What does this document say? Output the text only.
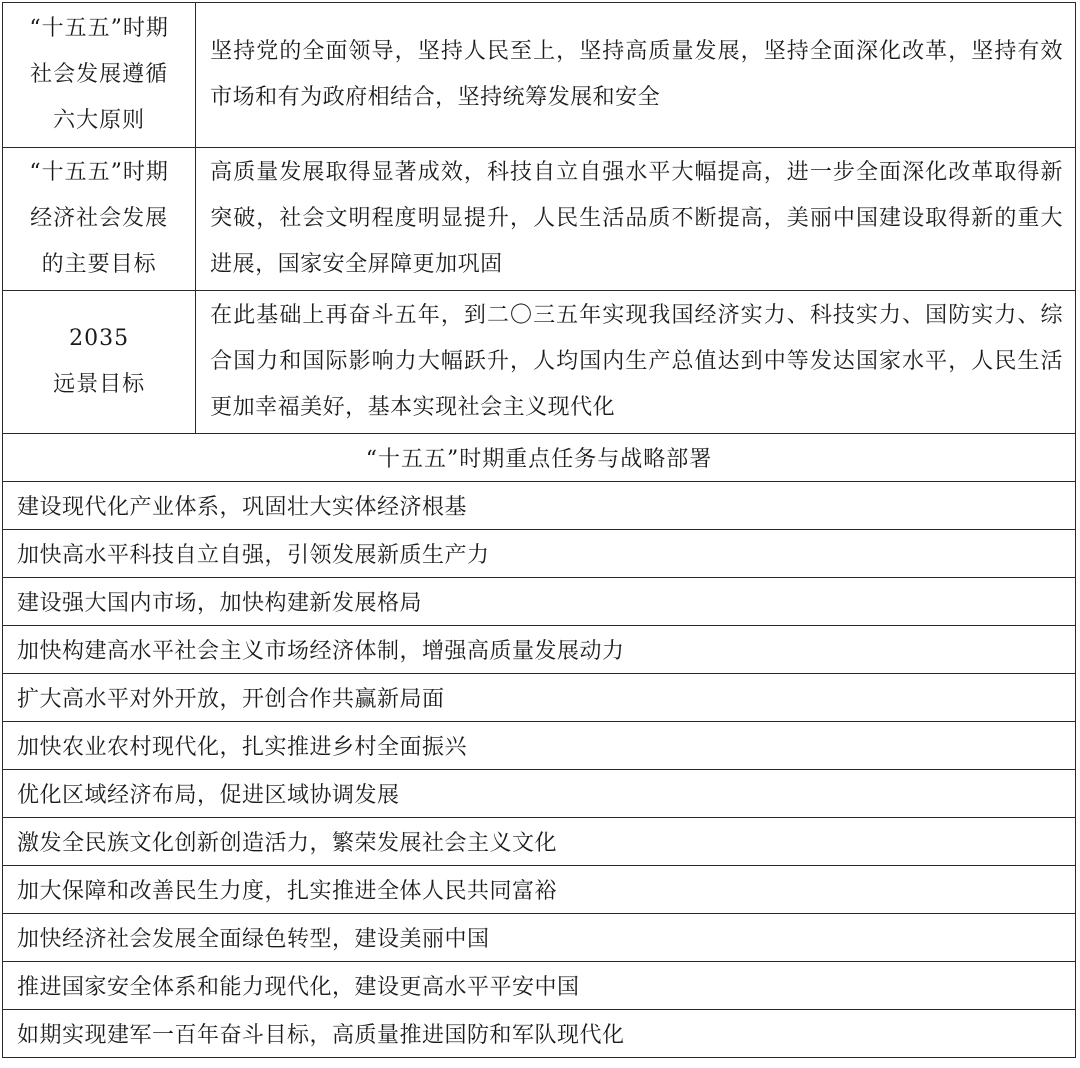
“十五五”时期
社会发展遵循
六大原则	坚持党的全面领导，坚持人民至上，坚持高质量发展，坚持全面深化改革，坚持有效市场和有为政府相结合，坚持统筹发展和安全

“十五五”时期
经济社会发展
的主要目标	高质量发展取得显著成效，科技自立自强水平大幅提高，进一步全面深化改革取得新突破，社会文明程度明显提升，人民生活品质不断提高，美丽中国建设取得新的重大进展，国家安全屏障更加巩固

2035
远景目标	在此基础上再奋斗五年，到二〇三五年实现我国经济实力、科技实力、国防实力、综合国力和国际影响力大幅跃升，人均国内生产总值达到中等发达国家水平，人民生活更加幸福美好，基本实现社会主义现代化
“十五五”时期重点任务与战略部署	
建设现代化产业体系，巩固壮大实体经济根基	
加快高水平科技自立自强，引领发展新质生产力	
建设强大国内市场，加快构建新发展格局	
加快构建高水平社会主义市场经济体制，增强高质量发展动力	
扩大高水平对外开放，开创合作共赢新局面	
加快农业农村现代化，扎实推进乡村全面振兴	
优化区域经济布局，促进区域协调发展	
激发全民族文化创新创造活力，繁荣发展社会主义文化	
加大保障和改善民生力度，扎实推进全体人民共同富裕	
加快经济社会发展全面绿色转型，建设美丽中国	
推进国家安全体系和能力现代化，建设更高水平平安中国	
如期实现建军一百年奋斗目标，高质量推进国防和军队现代化	
